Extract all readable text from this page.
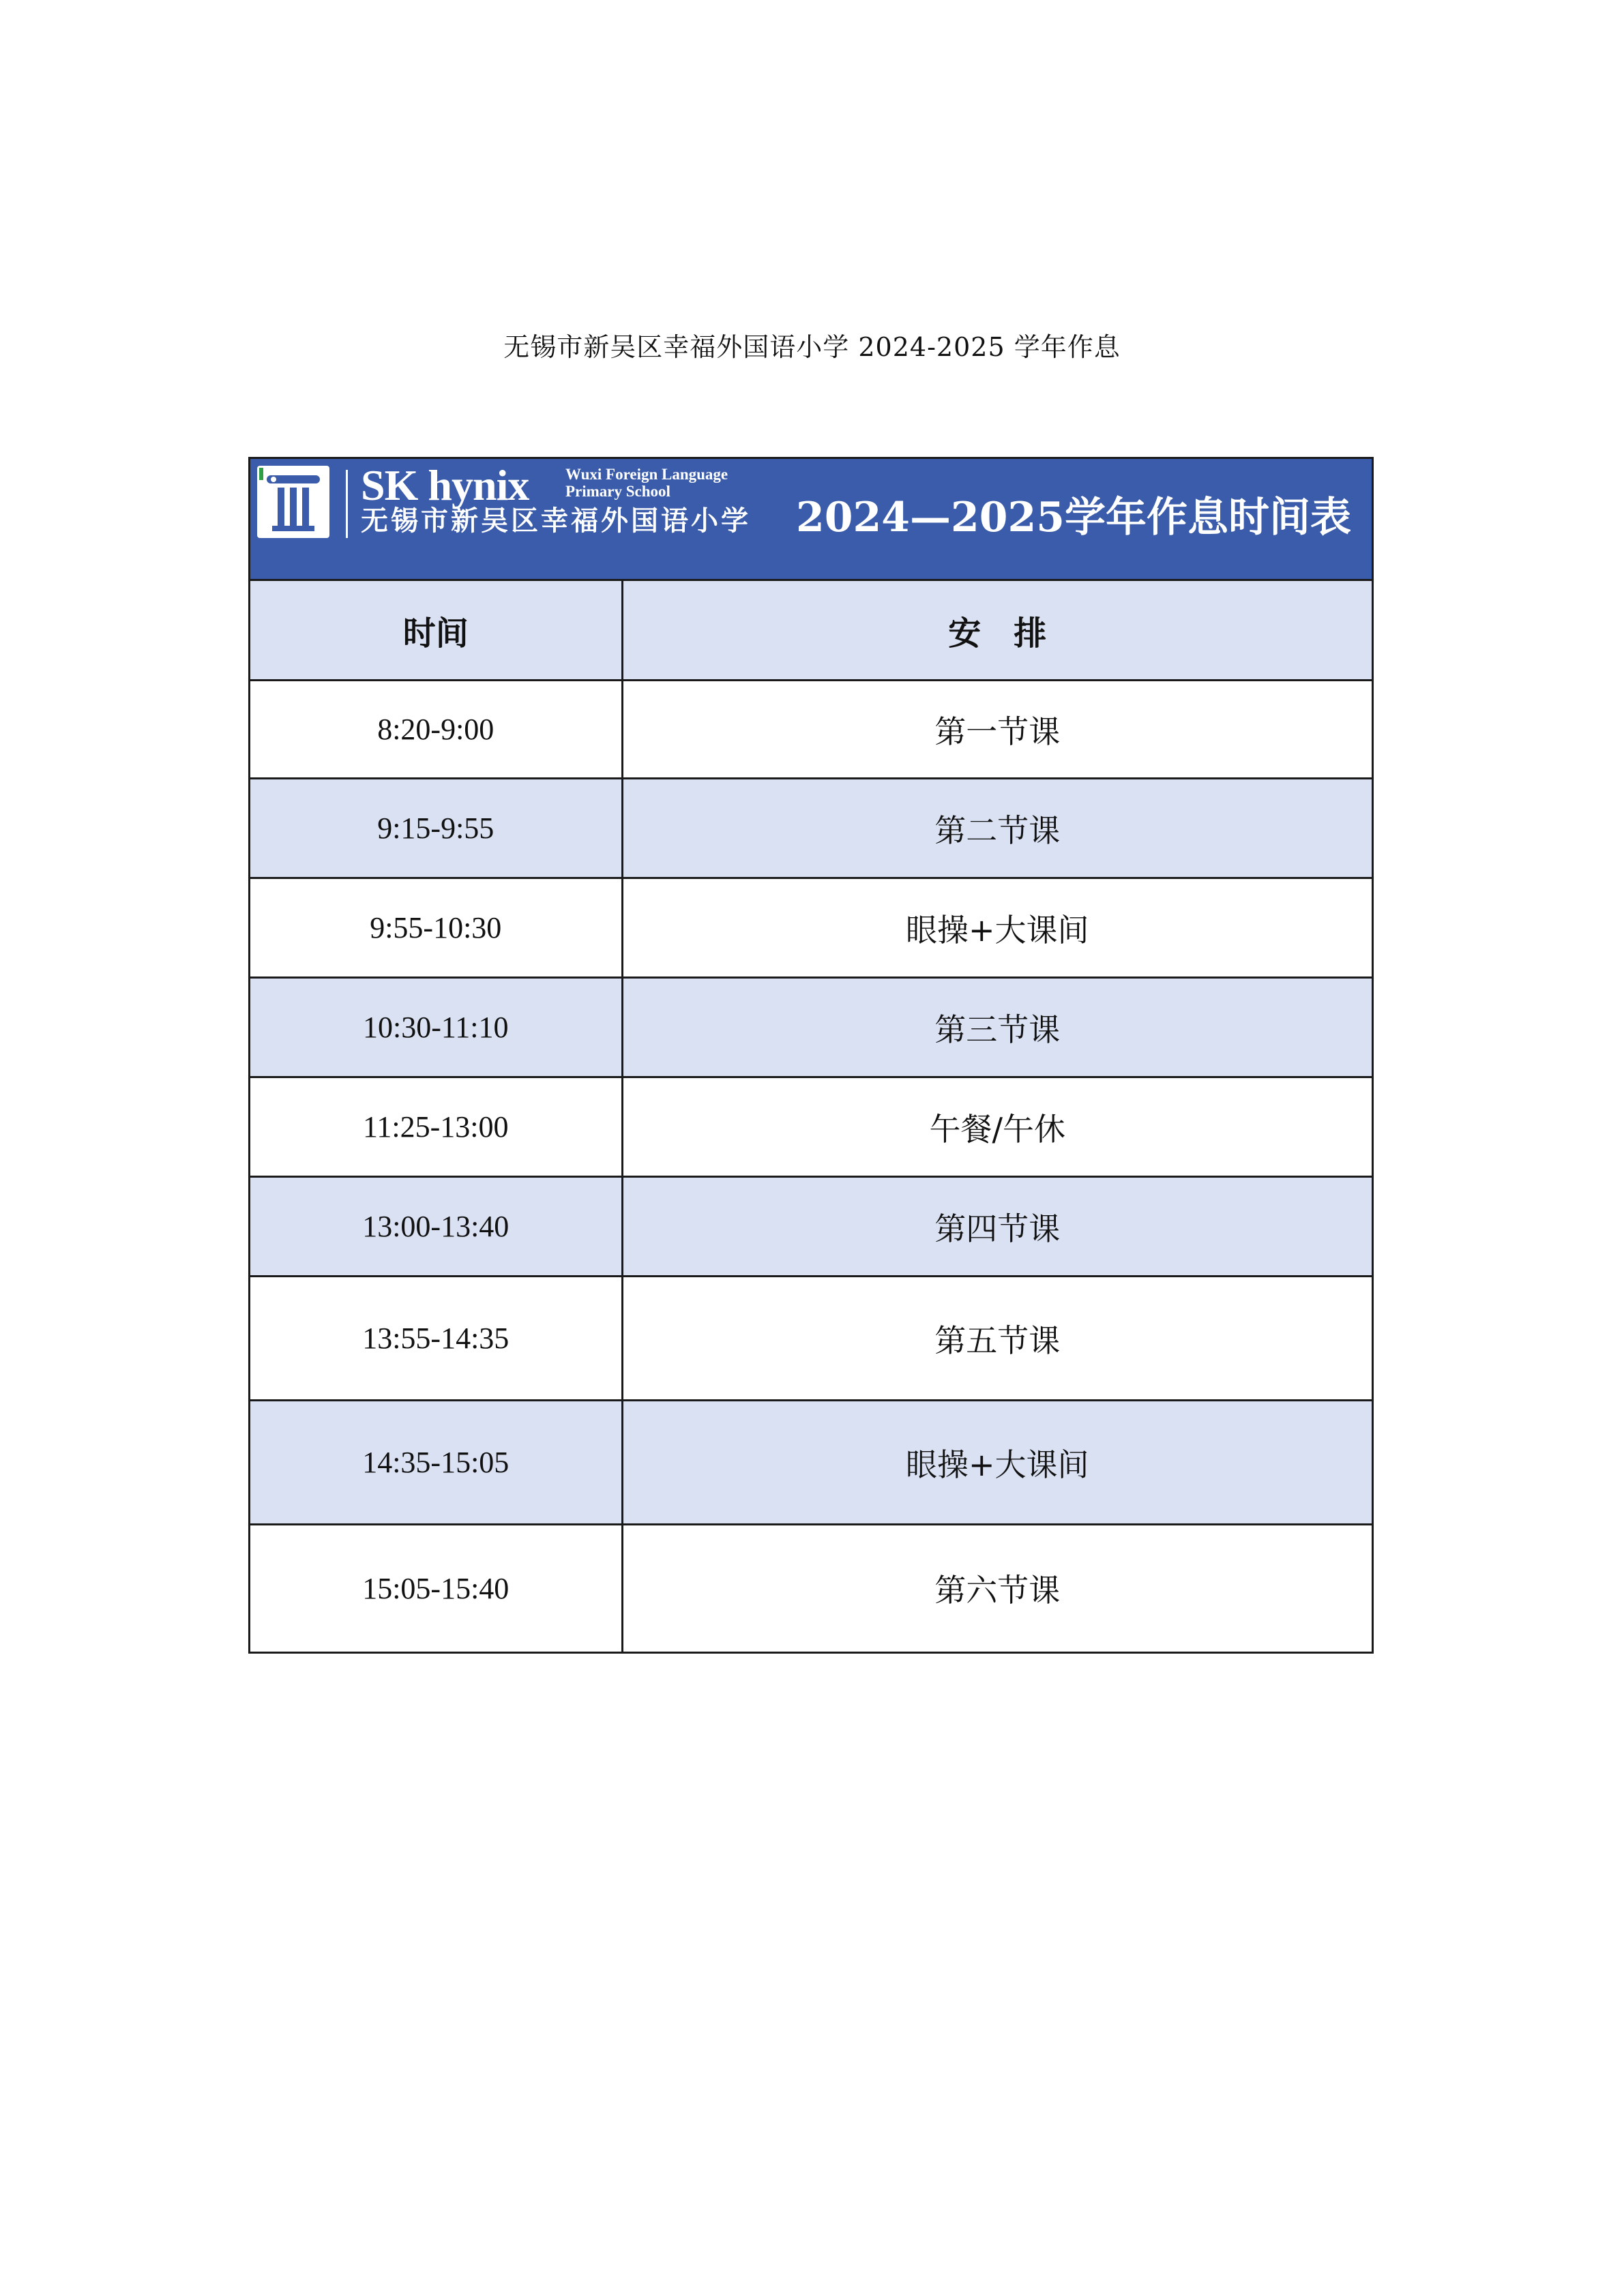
无锡市新吴区幸福外国语小学 2024-2025 学年作息
SK hynix Wuxi Foreign Language
Primary School
无锡市新吴区幸福外国语小学 2024—2025学年作息时间表
时间	安　排
8:20-9:00	第一节课
9:15-9:55	第二节课
9:55-10:30	眼操+大课间
10:30-11:10	第三节课
11:25-13:00	午餐/午休
13:00-13:40	第四节课
13:55-14:35	第五节课
14:35-15:05	眼操+大课间
15:05-15:40	第六节课
